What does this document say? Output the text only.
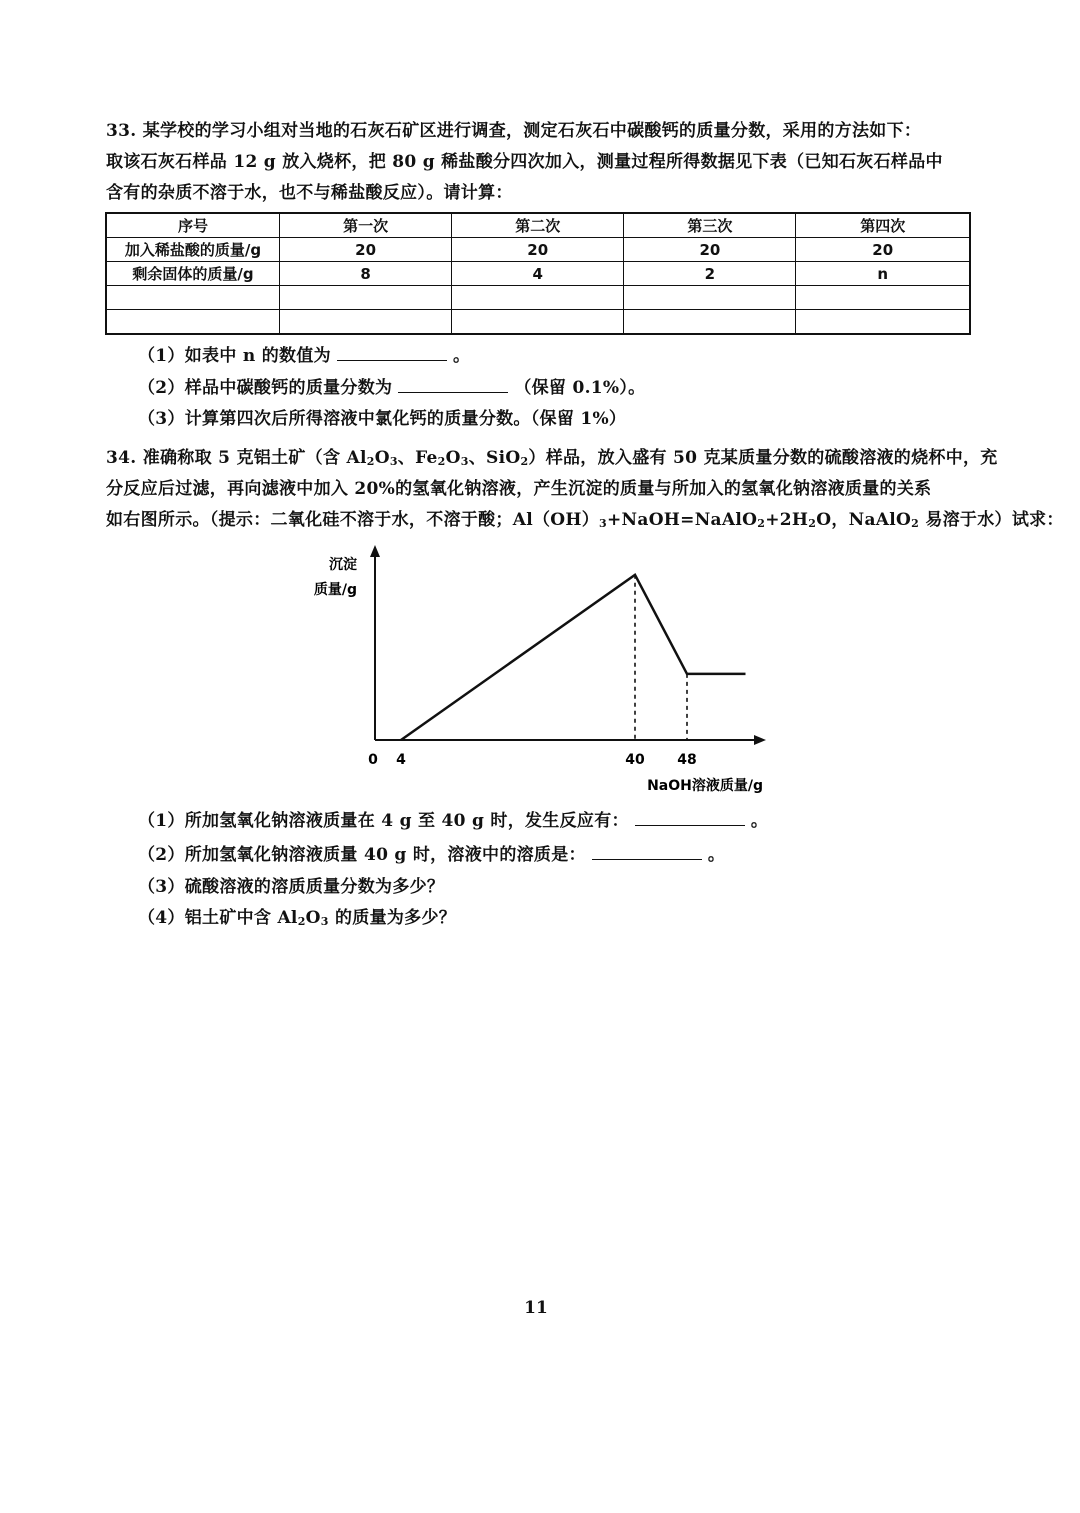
33. 某学校的学习小组对当地的石灰石矿区进行调查，测定石灰石中碳酸钙的质量分数，采用的方法如下：
取该石灰石样品 12 g 放入烧杯，把 80 g 稀盐酸分四次加入，测量过程所得数据见下表（已知石灰石样品中
含有的杂质不溶于水，也不与稀盐酸反应）。请计算：
序号	第一次	第二次	第三次	第四次
加入稀盐酸的质量/g	20	20	20	20
剩余固体的质量/g	8	4	2	n

（1）如表中 n 的数值为	。
（2）样品中碳酸钙的质量分数为	（保留 0.1%）。
（3）计算第四次后所得溶液中氯化钙的质量分数。（保留 1%）
34. 准确称取 5 克铝土矿（含 Al2O3、Fe2O3、SiO2）样品，放入盛有 50 克某质量分数的硫酸溶液的烧杯中，充
分反应后过滤，再向滤液中加入 20%的氢氧化钠溶液，产生沉淀的质量与所加入的氢氧化钠溶液质量的关系
如右图所示。（提示：二氧化硅不溶于水，不溶于酸；Al（OH）3+NaOH=NaAlO2+2H2O，NaAlO2 易溶于水）试求：
沉淀
质量/g
NaOH溶液质量/g
0 4	40 48
（1）所加氢氧化钠溶液质量在 4 g 至 40 g 时，发生反应有：	。
（2）所加氢氧化钠溶液质量 40 g 时，溶液中的溶质是：	。
（3）硫酸溶液的溶质质量分数为多少？
（4）铝土矿中含 Al2O3 的质量为多少？
11
